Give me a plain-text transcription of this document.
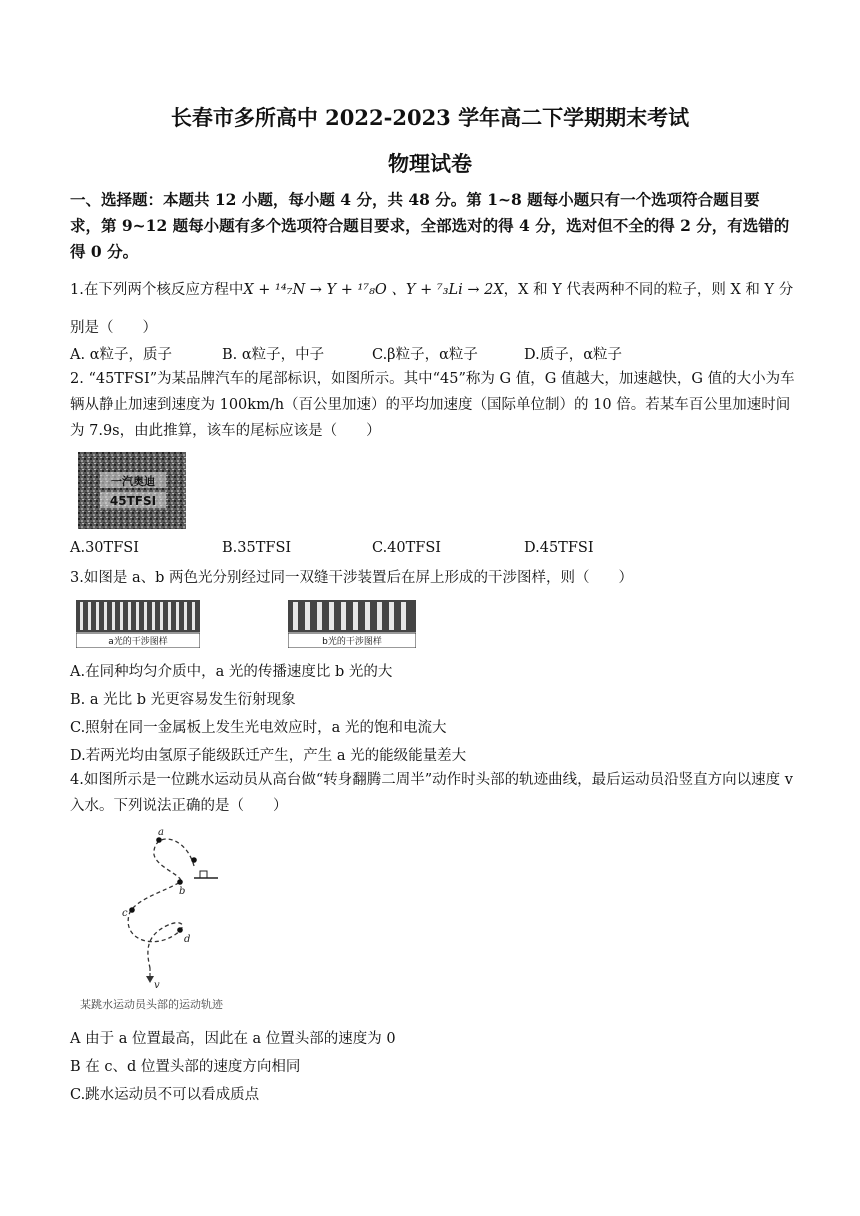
长春市多所高中 2022-2023 学年高二下学期期末考试
物理试卷
一、选择题：本题共 12 小题，每小题 4 分，共 48 分。第 1~8 题每小题只有一个选项符合题目要求，第 9~12 题每小题有多个选项符合题目要求，全部选对的得 4 分，选对但不全的得 2 分，有选错的得 0 分。
1.在下列两个核反应方程中X + ¹⁴₇N → Y + ¹⁷₈O 、Y + ⁷₃Li → 2X，X 和 Y 代表两种不同的粒子，则 X 和 Y 分
别是（　　）
A. α粒子，质子	B. α粒子，中子	C.β粒子，α粒子	D.质子，α粒子
2. “45TFSI”为某品牌汽车的尾部标识，如图所示。其中“45”称为 G 值，G 值越大，加速越快，G 值的大小为车辆从静止加速到速度为 100km/h（百公里加速）的平均加速度（国际单位制）的 10 倍。若某车百公里加速时间为 7.9s，由此推算，该车的尾标应该是（　　）
一汽奥迪
45TFSI
A.30TFSI	B.35TFSI	C.40TFSI	D.45TFSI
3.如图是 a、b 两色光分别经过同一双缝干涉装置后在屏上形成的干涉图样，则（　　）
a光的干涉图样	b光的干涉图样
A.在同种均匀介质中，a 光的传播速度比 b 光的大
B. a 光比 b 光更容易发生衍射现象
C.照射在同一金属板上发生光电效应时，a 光的饱和电流大
D.若两光均由氢原子能级跃迁产生，产生 a 光的能级能量差大
4.如图所示是一位跳水运动员从高台做“转身翻腾二周半”动作时头部的轨迹曲线，最后运动员沿竖直方向以速度 v 入水。下列说法正确的是（　　）
a
b
c
d
v
某跳水运动员头部的运动轨迹
A 由于 a 位置最高，因此在 a 位置头部的速度为 0
B 在 c、d 位置头部的速度方向相同
C.跳水运动员不可以看成质点
